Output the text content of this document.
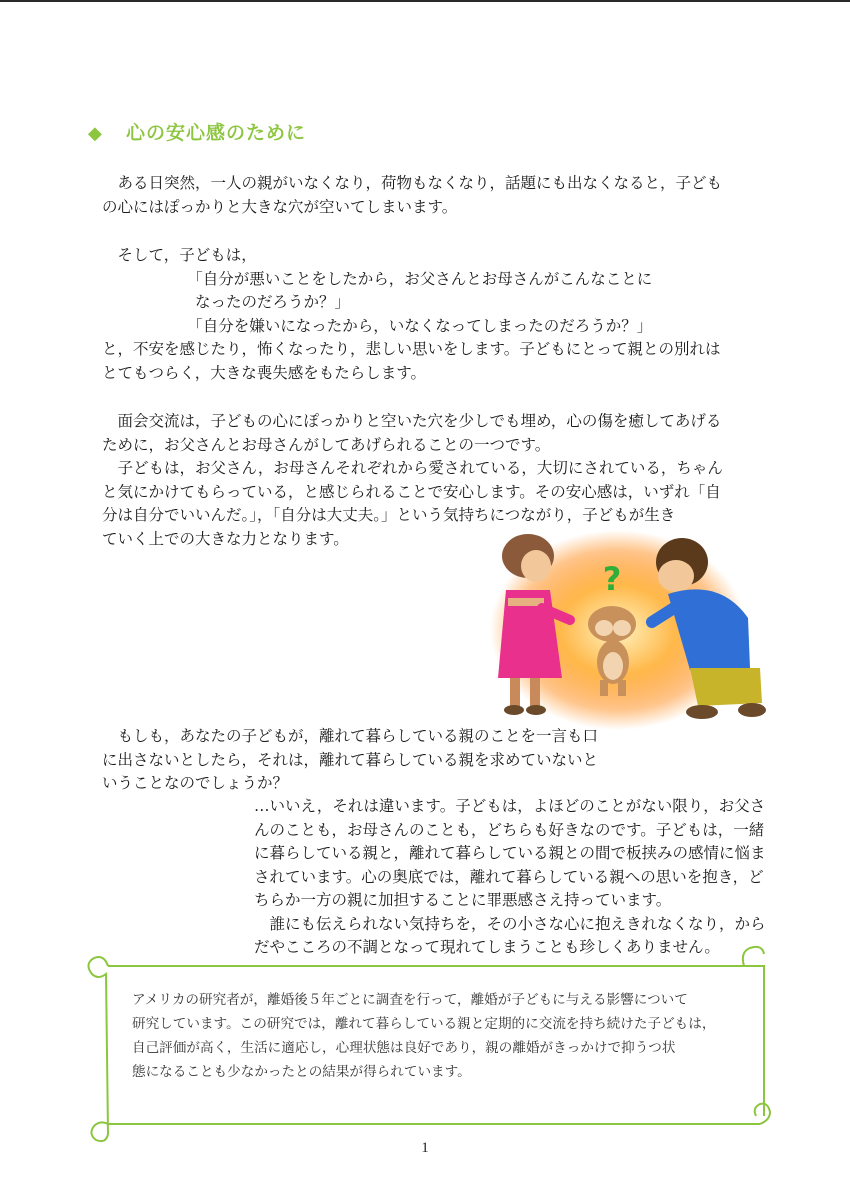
◆	心の安心感のために

　ある日突然，一人の親がいなくなり，荷物もなくなり，話題にも出なくなると，子ども
の心にはぽっかりと大きな穴が空いてしまいます。

　そして，子どもは，
　　　　　　「自分が悪いことをしたから，お父さんとお母さんがこんなことに
　　　　　　なったのだろうか？」
　　　　　　「自分を嫌いになったから，いなくなってしまったのだろうか？」
と，不安を感じたり，怖くなったり，悲しい思いをします。子どもにとって親との別れは
とてもつらく，大きな喪失感をもたらします。

　面会交流は，子どもの心にぽっかりと空いた穴を少しでも埋め，心の傷を癒してあげる
ために，お父さんとお母さんがしてあげられることの一つです。
　子どもは，お父さん，お母さんそれぞれから愛されている，大切にされている，ちゃん
と気にかけてもらっている，と感じられることで安心します。その安心感は，いずれ「自
分は自分でいいんだ。」，「自分は大丈夫。」という気持ちにつながり，子どもが生き
ていく上での大きな力となります。

?

　もしも，あなたの子どもが，離れて暮らしている親のことを一言も口
に出さないとしたら，それは，離れて暮らしている親を求めていないと
いうことなのでしょうか？

…いいえ，それは違います。子どもは，よほどのことがない限り，お父さ
んのことも，お母さんのことも，どちらも好きなのです。子どもは，一緒
に暮らしている親と，離れて暮らしている親との間で板挟みの感情に悩ま
されています。心の奥底では，離れて暮らしている親への思いを抱き，ど
ちらか一方の親に加担することに罪悪感さえ持っています。
　誰にも伝えられない気持ちを，その小さな心に抱えきれなくなり，から
だやこころの不調となって現れてしまうことも珍しくありません。

アメリカの研究者が，離婚後５年ごとに調査を行って，離婚が子どもに与える影響について
研究しています。この研究では，離れて暮らしている親と定期的に交流を持ち続けた子どもは，
自己評価が高く，生活に適応し，心理状態は良好であり，親の離婚がきっかけで抑うつ状
態になることも少なかったとの結果が得られています。

1
